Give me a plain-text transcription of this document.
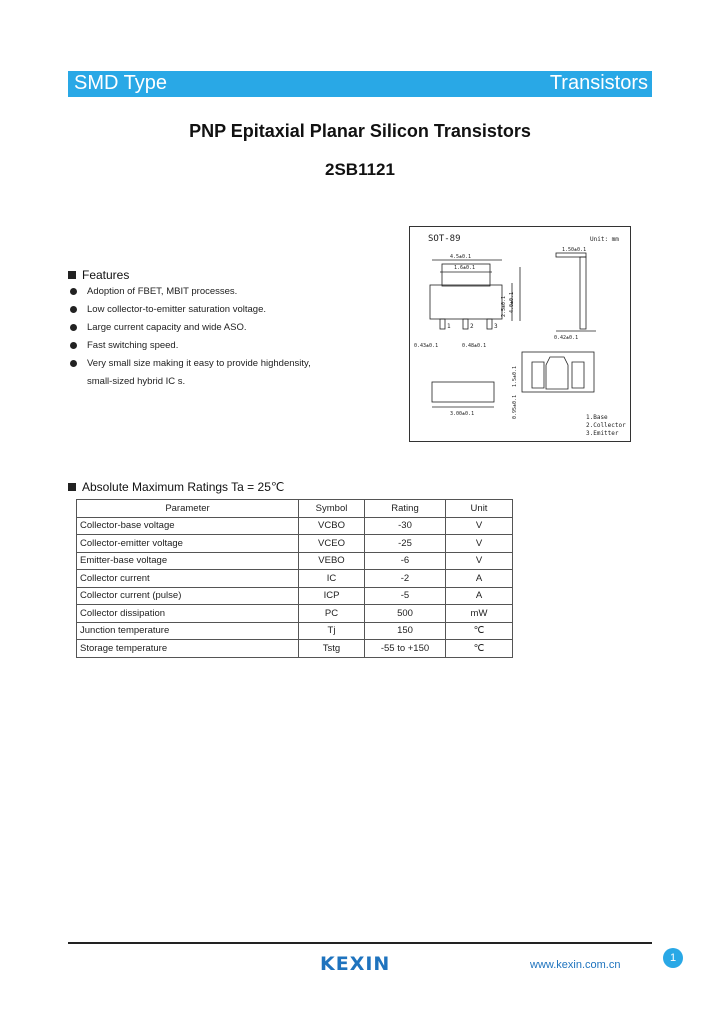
SMD Type	Transistors
PNP Epitaxial Planar Silicon Transistors
2SB1121
SOT-89	Unit: mm
4.5±0.1
1.6±0.1
1	2	3
0.43±0.1	0.48±0.1
2.5±0.1 4.0±0.1
1.50±0.1
0.42±0.1
3.00±0.1
1.5±0.1
0.95±0.1	1.Base
2.Collector
3.Emitter
Features
Adoption of FBET, MBIT processes.
Low collector-to-emitter saturation voltage.
Large current capacity and wide ASO.
Fast switching speed.
Very small size making it easy to provide highdensity,
small-sized hybrid IC s.
Absolute Maximum Ratings Ta = 25℃
Parameter	Symbol	Rating	Unit
Collector-base voltage	VCBO	-30	V
Collector-emitter voltage	VCEO	-25	V
Emitter-base voltage	VEBO	-6	V
Collector current	IC	-2	A
Collector current (pulse)	ICP	-5	A
Collector dissipation	PC	500	mW
Junction temperature	Tj	150	℃
Storage temperature	Tstg	-55 to +150	℃
KEXIN	www.kexin.com.cn
1
